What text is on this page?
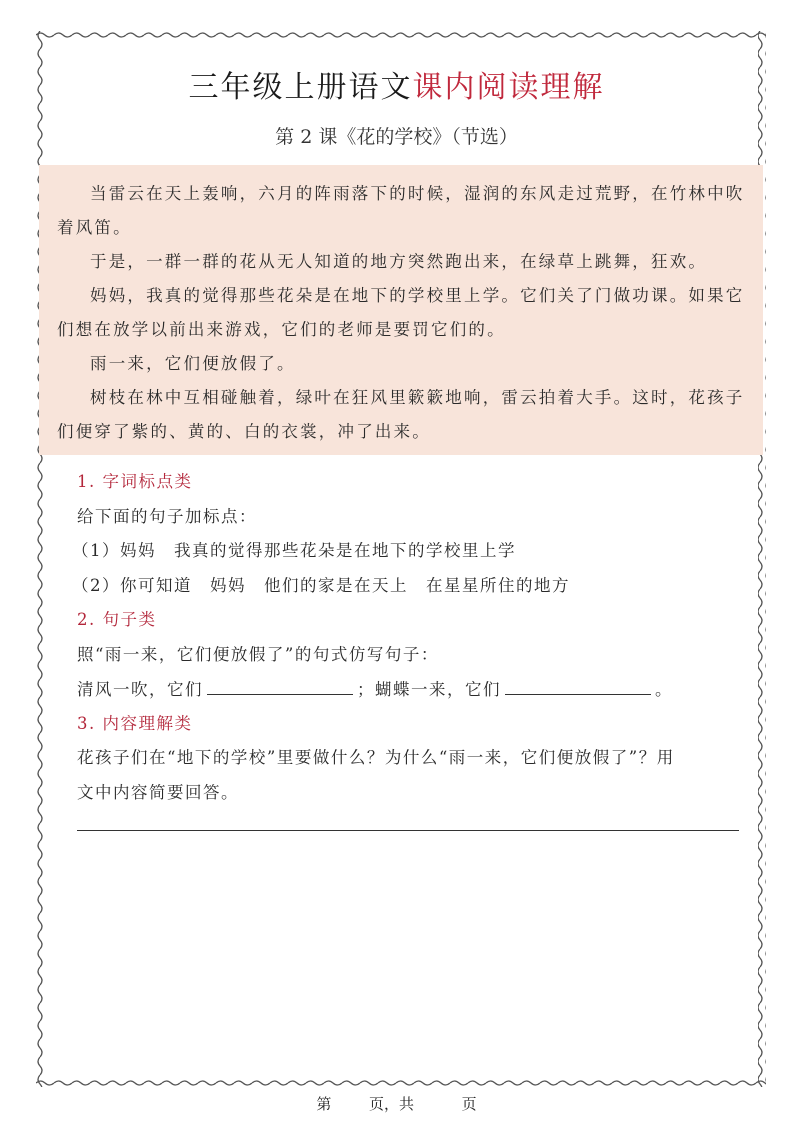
三年级上册语文课内阅读理解
第 2 课《花的学校》（节选）

当雷云在天上轰响，六月的阵雨落下的时候，湿润的东风走过荒野，在竹林中吹着风笛。

于是，一群一群的花从无人知道的地方突然跑出来，在绿草上跳舞，狂欢。

妈妈，我真的觉得那些花朵是在地下的学校里上学。它们关了门做功课。如果它们想在放学以前出来游戏，它们的老师是要罚它们的。

雨一来，它们便放假了。

树枝在林中互相碰触着，绿叶在狂风里簌簌地响，雷云拍着大手。这时，花孩子们便穿了紫的、黄的、白的衣裳，冲了出来。

1. 字词标点类
给下面的句子加标点：
（1）妈妈　我真的觉得那些花朵是在地下的学校里上学
（2）你可知道　妈妈　他们的家是在天上　在星星所住的地方
2. 句子类
照“雨一来，它们便放假了”的句式仿写句子：
清风一吹，它们	；蝴蝶一来，它们	。
3. 内容理解类
花孩子们在“地下的学校”里要做什么？为什么“雨一来，它们便放假了”？用
文中内容简要回答。
第	页，共	页
